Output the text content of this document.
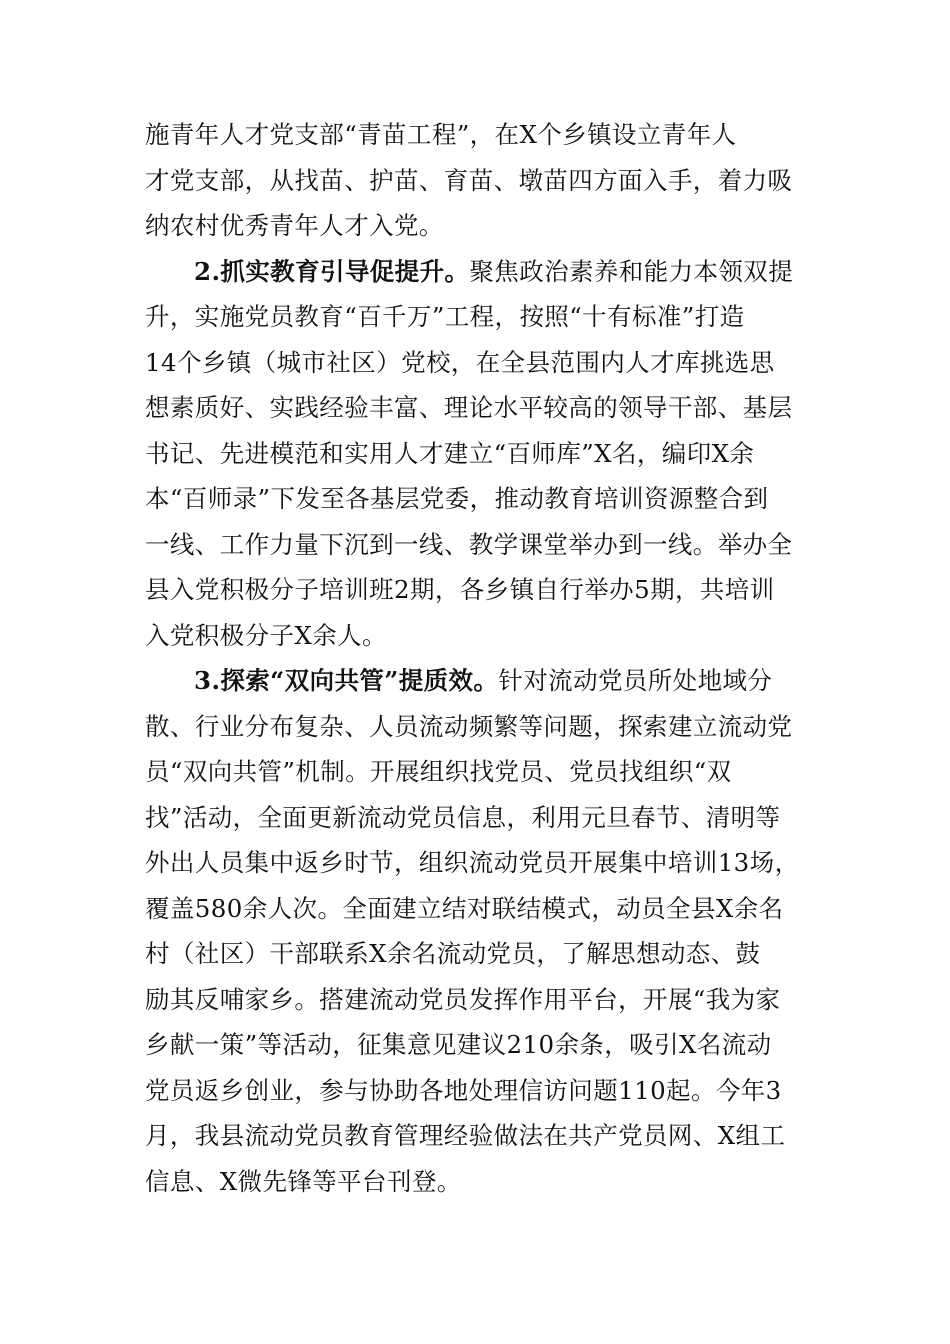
施青年人才党支部“青苗工程”，在X个乡镇设立青年人
才党支部，从找苗、护苗、育苗、墩苗四方面入手，着力吸
纳农村优秀青年人才入党。
2.抓实教育引导促提升。聚焦政治素养和能力本领双提
升，实施党员教育“百千万”工程，按照“十有标准”打造
14个乡镇（城市社区）党校，在全县范围内人才库挑选思
想素质好、实践经验丰富、理论水平较高的领导干部、基层
书记、先进模范和实用人才建立“百师库”X名，编印X余
本“百师录”下发至各基层党委，推动教育培训资源整合到
一线、工作力量下沉到一线、教学课堂举办到一线。举办全
县入党积极分子培训班2期，各乡镇自行举办5期，共培训
入党积极分子X余人。
3.探索“双向共管”提质效。针对流动党员所处地域分
散、行业分布复杂、人员流动频繁等问题，探索建立流动党
员“双向共管”机制。开展组织找党员、党员找组织“双
找”活动，全面更新流动党员信息，利用元旦春节、清明等
外出人员集中返乡时节，组织流动党员开展集中培训13场，
覆盖580余人次。全面建立结对联结模式，动员全县X余名
村（社区）干部联系X余名流动党员，了解思想动态、鼓
励其反哺家乡。搭建流动党员发挥作用平台，开展“我为家
乡献一策”等活动，征集意见建议210余条，吸引X名流动
党员返乡创业，参与协助各地处理信访问题110起。今年3
月，我县流动党员教育管理经验做法在共产党员网、X组工
信息、X微先锋等平台刊登。
